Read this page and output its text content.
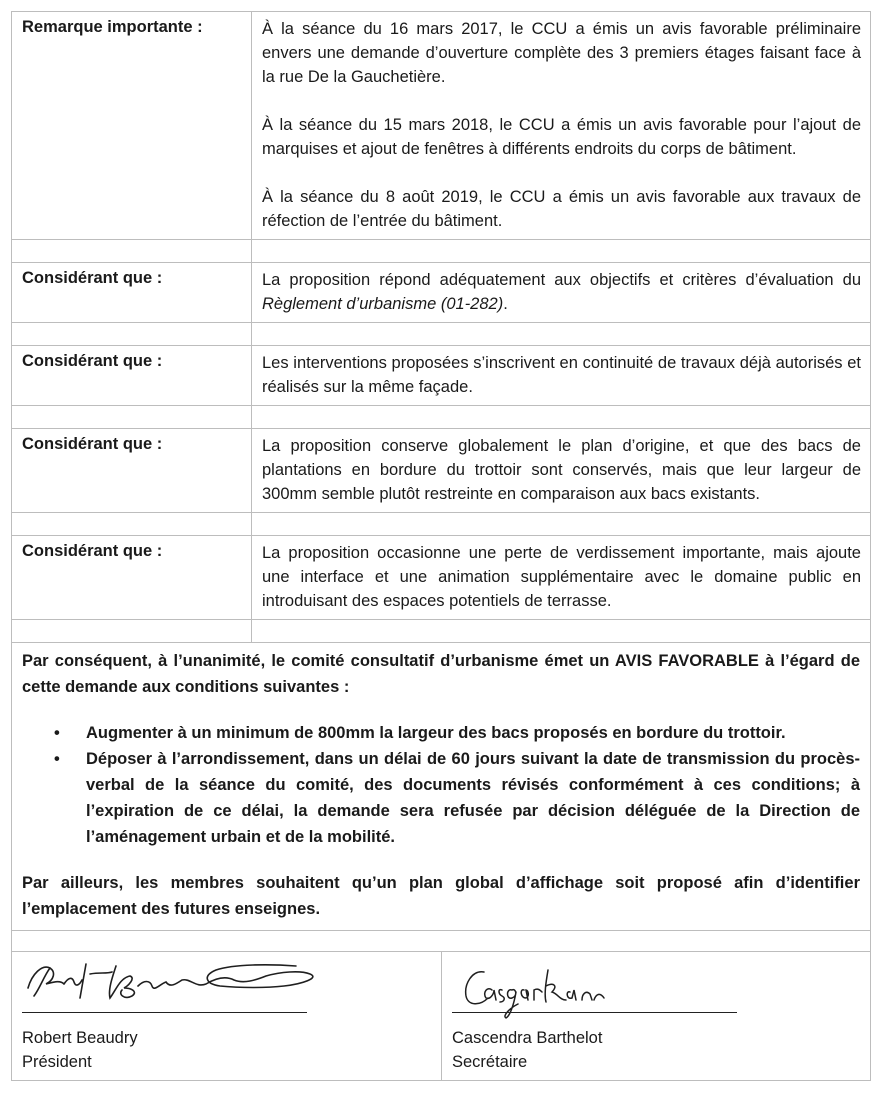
Remarque importante :	À la séance du 16 mars 2017, le CCU a émis un avis favorable préliminaire envers une demande d’ouverture complète des 3 premiers étages faisant face à la rue De la Gauchetière.

À la séance du 15 mars 2018, le CCU a émis un avis favorable pour l’ajout de marquises et ajout de fenêtres à différents endroits du corps de bâtiment.

À la séance du 8 août 2019, le CCU a émis un avis favorable aux travaux de réfection de l’entrée du bâtiment.

Considérant que :	La proposition répond adéquatement aux objectifs et critères d’évaluation du Règlement d’urbanisme (01-282).

Considérant que :	Les interventions proposées s’inscrivent en continuité de travaux déjà autorisés et réalisés sur la même façade.

Considérant que :	La proposition conserve globalement le plan d’origine, et que des bacs de plantations en bordure du trottoir sont conservés, mais que leur largeur de 300mm semble plutôt restreinte en comparaison aux bacs existants.

Considérant que :	La proposition occasionne une perte de verdissement importante, mais ajoute une interface et une animation supplémentaire avec le domaine public en introduisant des espaces potentiels de terrasse.

Par conséquent, à l’unanimité, le comité consultatif d’urbanisme émet un AVIS FAVORABLE à l’égard de cette demande aux conditions suivantes :

• Augmenter à un minimum de 800mm la largeur des bacs proposés en bordure du trottoir.
• Déposer à l’arrondissement, dans un délai de 60 jours suivant la date de transmission du procès-verbal de la séance du comité, des documents révisés conformément à ces conditions; à l’expiration de ce délai, la demande sera refusée par décision déléguée de la Direction de l’aménagement urbain et de la mobilité.

Par ailleurs, les membres souhaitent qu’un plan global d’affichage soit proposé afin d’identifier l’emplacement des futures enseignes.

Robert Beaudry
Président

Cascendra Barthelot
Secrétaire
